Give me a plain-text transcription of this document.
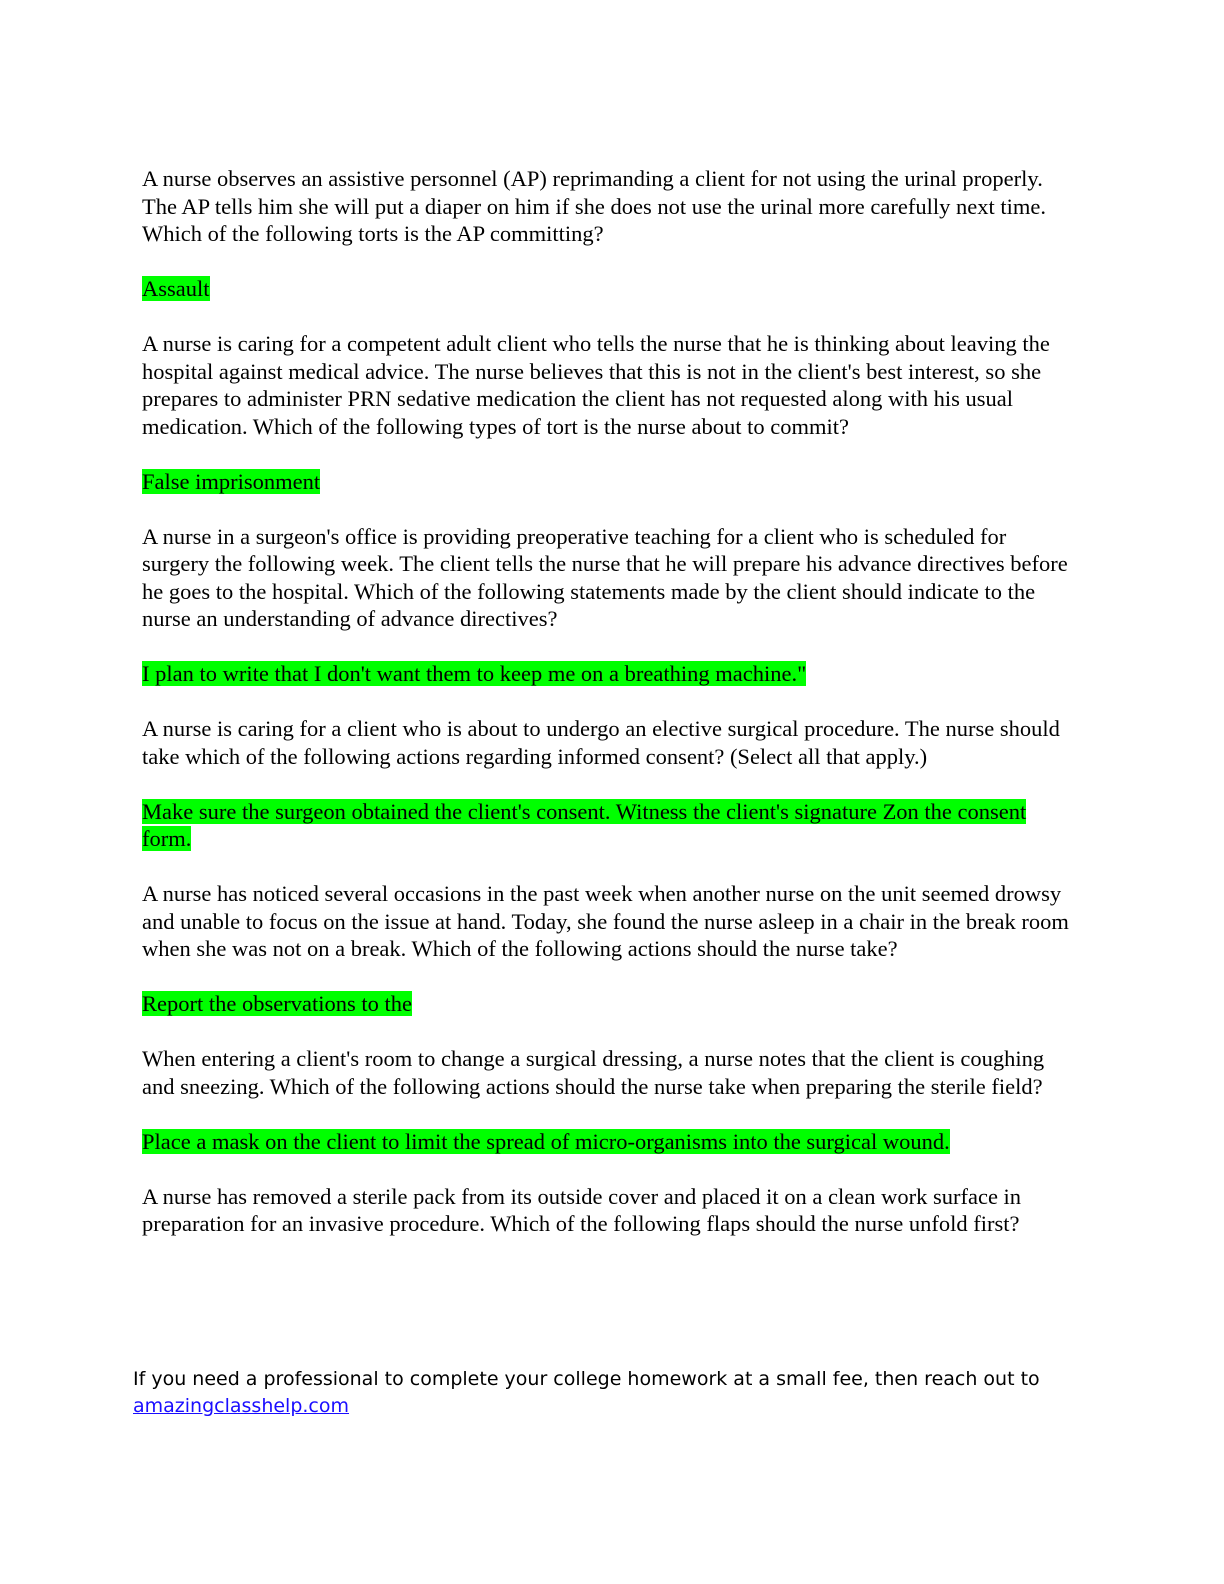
A nurse observes an assistive personnel (AP) reprimanding a client for not using the urinal properly. The AP tells him she will put a diaper on him if she does not use the urinal more carefully next time. Which of the following torts is the AP committing?

Assault

A nurse is caring for a competent adult client who tells the nurse that he is thinking about leaving the hospital against medical advice. The nurse believes that this is not in the client's best interest, so she prepares to administer PRN sedative medication the client has not requested along with his usual medication. Which of the following types of tort is the nurse about to commit?

False imprisonment

A nurse in a surgeon's office is providing preoperative teaching for a client who is scheduled for surgery the following week. The client tells the nurse that he will prepare his advance directives before he goes to the hospital. Which of the following statements made by the client should indicate to the nurse an understanding of advance directives?

I plan to write that I don't want them to keep me on a breathing machine."

A nurse is caring for a client who is about to undergo an elective surgical procedure. The nurse should take which of the following actions regarding informed consent? (Select all that apply.)

Make sure the surgeon obtained the client's consent. Witness the client's signature Zon the consent form.

A nurse has noticed several occasions in the past week when another nurse on the unit seemed drowsy and unable to focus on the issue at hand. Today, she found the nurse asleep in a chair in the break room when she was not on a break. Which of the following actions should the nurse take?

Report the observations to the

When entering a client's room to change a surgical dressing, a nurse notes that the client is coughing and sneezing. Which of the following actions should the nurse take when preparing the sterile field?

Place a mask on the client to limit the spread of micro-organisms into the surgical wound.

A nurse has removed a sterile pack from its outside cover and placed it on a clean work surface in preparation for an invasive procedure. Which of the following flaps should the nurse unfold first?

If you need a professional to complete your college homework at a small fee, then reach out to
amazingclasshelp.com
